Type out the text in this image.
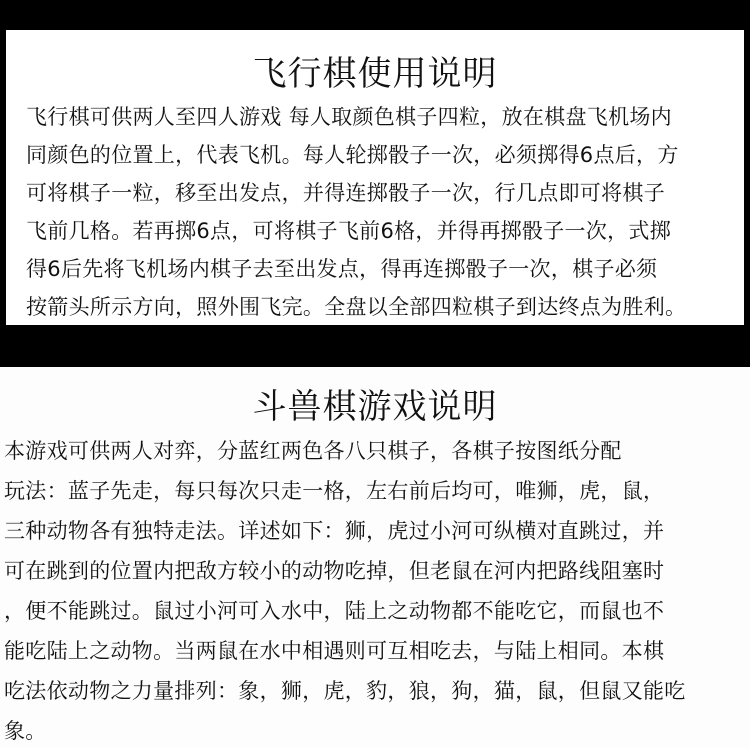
飞行棋使用说明
飞行棋可供两人至四人游戏 每人取颜色棋子四粒，放在棋盘飞机场内
同颜色的位置上，代表飞机。每人轮掷骰子一次，必须掷得6点后，方
可将棋子一粒，移至出发点，并得连掷骰子一次，行几点即可将棋子
飞前几格。若再掷6点，可将棋子飞前6格，并得再掷骰子一次，式掷
得6后先将飞机场内棋子去至出发点，得再连掷骰子一次，棋子必须
按箭头所示方向，照外围飞完。全盘以全部四粒棋子到达终点为胜利。
斗兽棋游戏说明
本游戏可供两人对弈，分蓝红两色各八只棋子，各棋子按图纸分配
玩法：蓝子先走，每只每次只走一格，左右前后均可，唯狮，虎，鼠，
三种动物各有独特走法。详述如下：狮，虎过小河可纵横对直跳过，并
可在跳到的位置内把敌方较小的动物吃掉，但老鼠在河内把路线阻塞时
，便不能跳过。鼠过小河可入水中，陆上之动物都不能吃它，而鼠也不
能吃陆上之动物。当两鼠在水中相遇则可互相吃去，与陆上相同。本棋
吃法依动物之力量排列：象，狮，虎，豹，狼，狗，猫，鼠，但鼠又能吃
象。
